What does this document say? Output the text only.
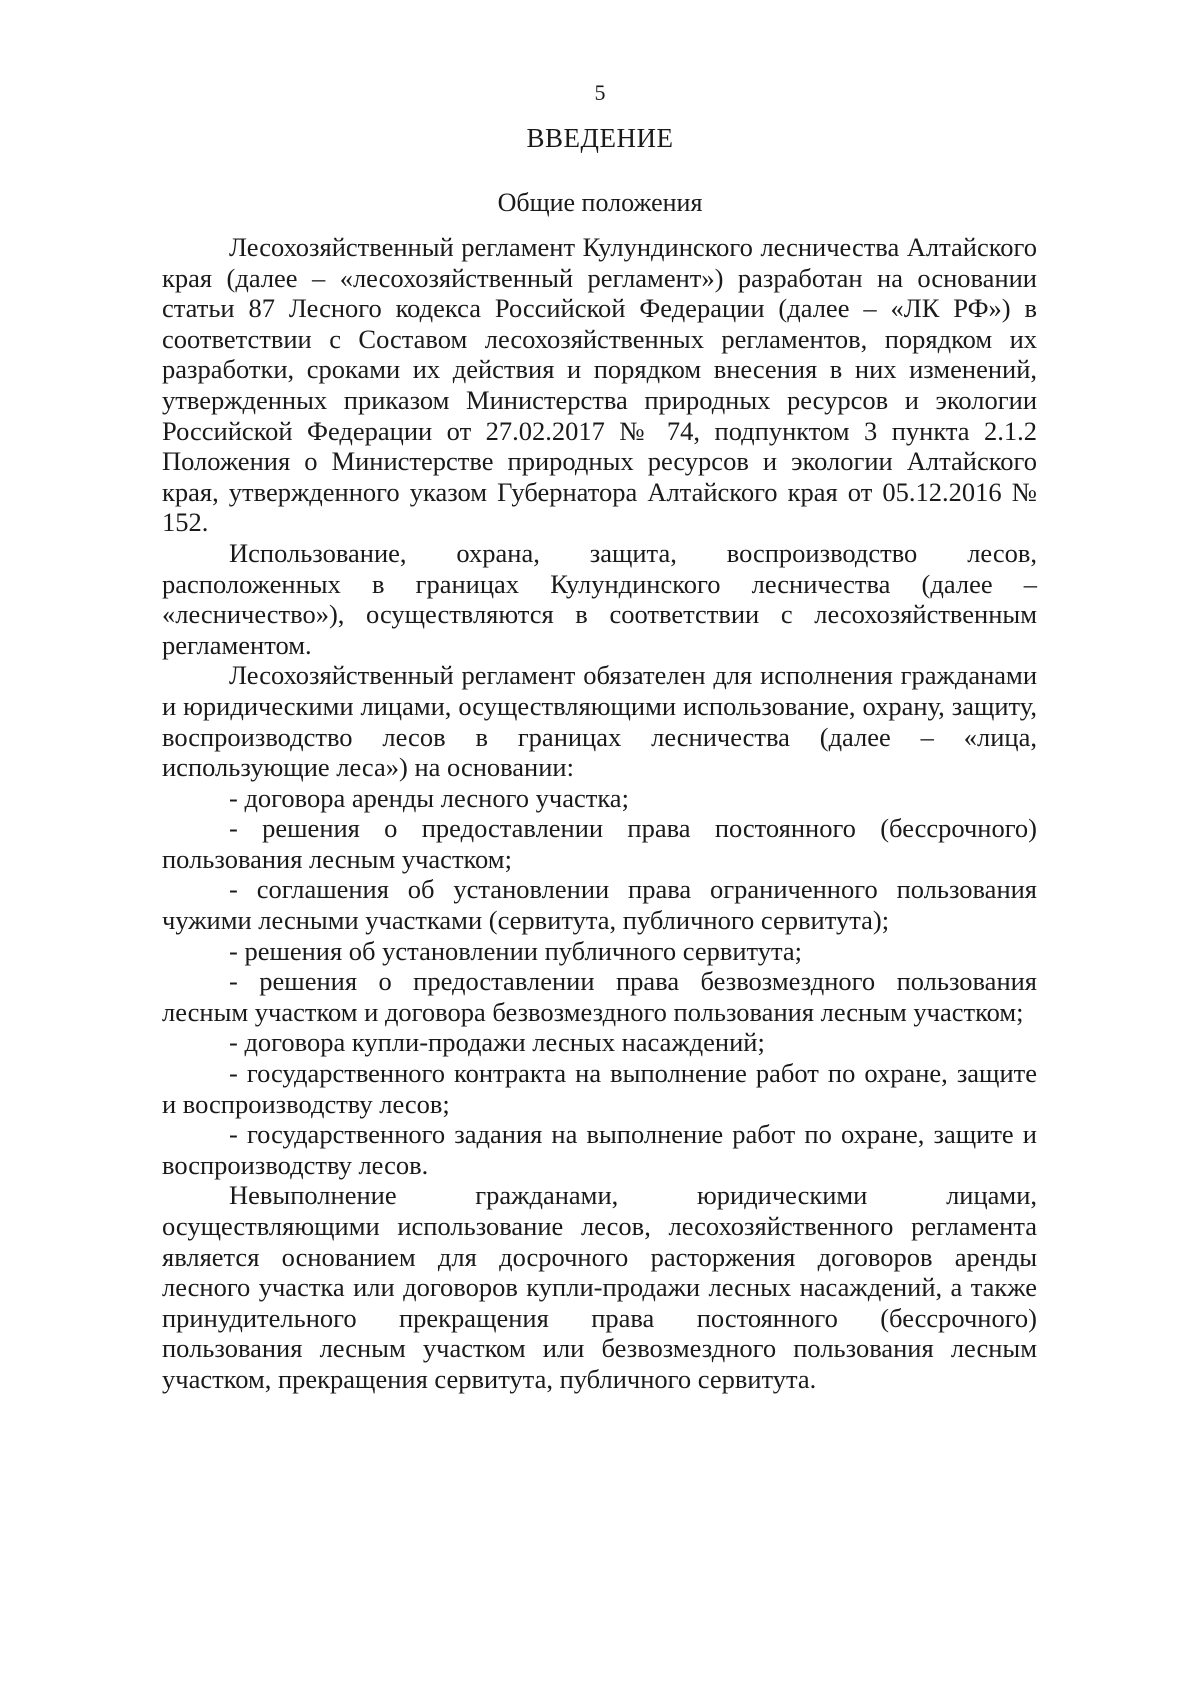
5
ВВЕДЕНИЕ
Общие положения

Лесохозяйственный регламент Кулундинского лесничества Алтайского края (далее – «лесохозяйственный регламент») разработан на основании статьи 87 Лесного кодекса Российской Федерации (далее – «ЛК РФ») в соответствии с Составом лесохозяйственных регламентов, порядком их разработки, сроками их действия и порядком внесения в них изменений, утвержденных приказом Министерства природных ресурсов и экологии Российской Федерации от 27.02.2017 № 74, подпунктом 3 пункта 2.1.2 Положения о Министерстве природных ресурсов и экологии Алтайского края, утвержденного указом Губернатора Алтайского края от 05.12.2016 № 152.

Использование, охрана, защита, воспроизводство лесов, расположенных в границах Кулундинского лесничества (далее – «лесничество»), осуществляются в соответствии с лесохозяйственным регламентом.

Лесохозяйственный регламент обязателен для исполнения гражданами и юридическими лицами, осуществляющими использование, охрану, защиту, воспроизводство лесов в границах лесничества (далее – «лица, использующие леса») на основании:

- договора аренды лесного участка;

- решения о предоставлении права постоянного (бессрочного) пользования лесным участком;

- соглашения об установлении права ограниченного пользования чужими лесными участками (сервитута, публичного сервитута);

- решения об установлении публичного сервитута;

- решения о предоставлении права безвозмездного пользования лесным участком и договора безвозмездного пользования лесным участком;

- договора купли-продажи лесных насаждений;

- государственного контракта на выполнение работ по охране, защите и воспроизводству лесов;

- государственного задания на выполнение работ по охране, защите и воспроизводству лесов.

Невыполнение гражданами, юридическими лицами, осуществляющими использование лесов, лесохозяйственного регламента является основанием для досрочного расторжения договоров аренды лесного участка или договоров купли-продажи лесных насаждений, а также принудительного прекращения права постоянного (бессрочного) пользования лесным участком или безвозмездного пользования лесным участком, прекращения сервитута, публичного сервитута.
